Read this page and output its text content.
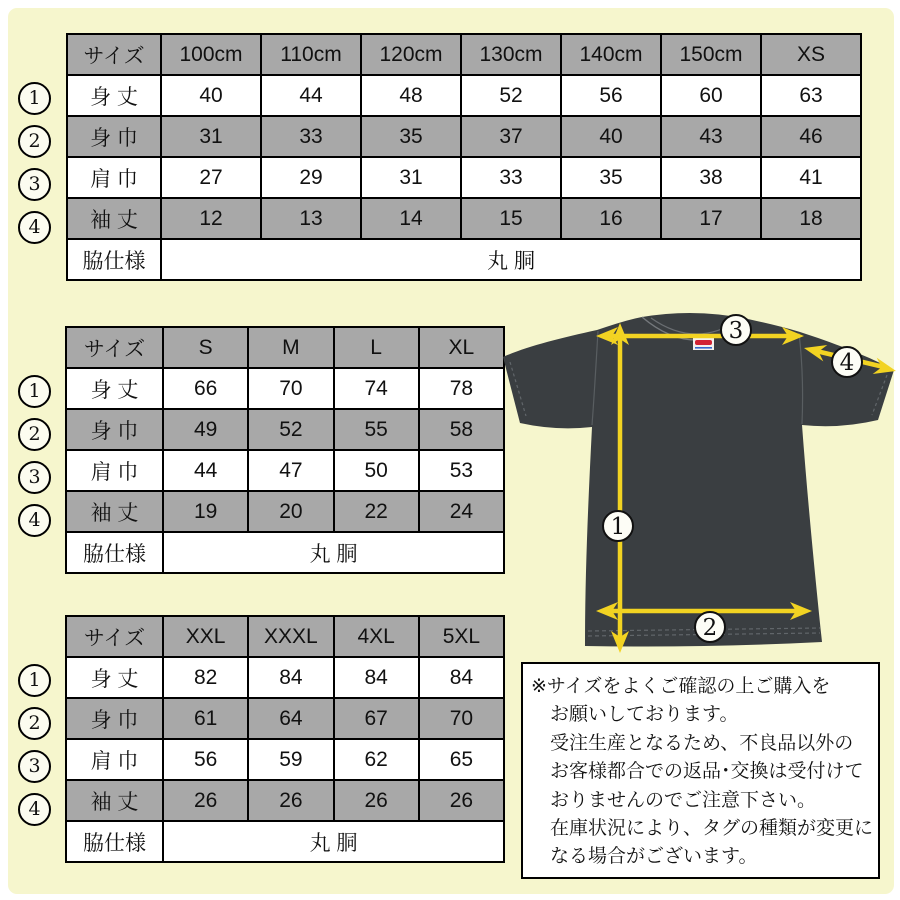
サイズ	100cm	110cm	120cm	130cm	140cm	150cm	XS
身 丈	40	44	48	52	56	60	63
身 巾	31	33	35	37	40	43	46
肩 巾	27	29	31	33	35	38	41
袖 丈	12	13	14	15	16	17	18
脇仕様	丸 胴						
サイズ	S	M	L	XL
身 丈	66	70	74	78
身 巾	49	52	55	58
肩 巾	44	47	50	53
袖 丈	19	20	22	24
脇仕様	丸 胴			
サイズ	XXL	XXXL	4XL	5XL
身 丈	82	84	84	84
身 巾	61	64	67	70
肩 巾	56	59	62	65
袖 丈	26	26	26	26
脇仕様	丸 胴			
1
2
3
4
1
2
3
4
1
2
3
4
1
2
3
4

※サイズをよくご確認の上ご購入を

お願いしております。

受注生産となるため、不良品以外の

お客様都合での返品･交換は受付けて

おりませんのでご注意下さい。

在庫状況により、タグの種類が変更に

なる場合がございます。
